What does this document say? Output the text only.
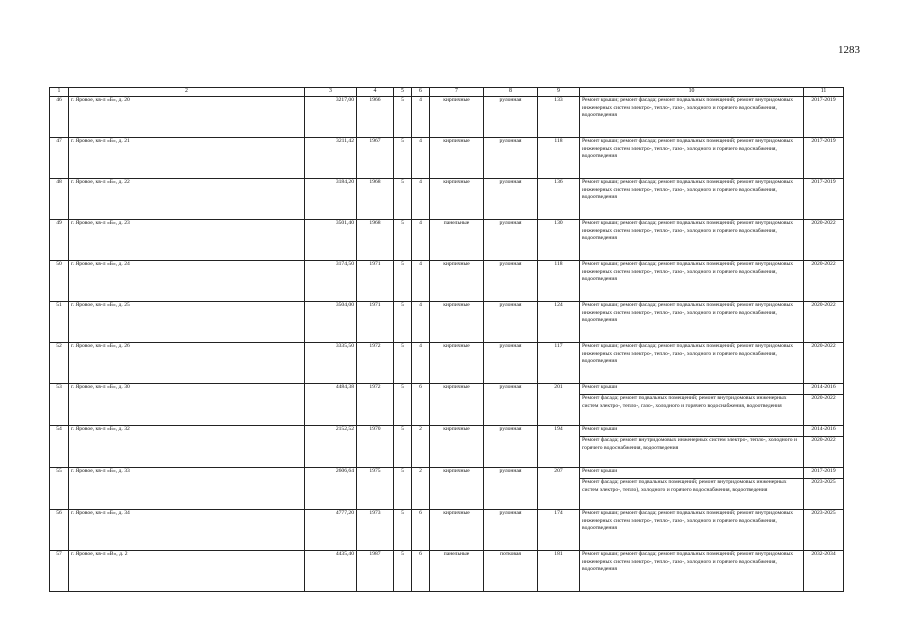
1283
1	2	3	4	5	6	7	8	9	10	11
46	г. Яровое, кв-л «Б», д. 20	3217,00	1966	5	4	кирпичные	рулонная	133	Ремонт крыши; ремонт фасада; ремонт подвальных помещений; ремонт внутридомовых инженерных систем электро-, тепло-, газо-, холодного и горячего водоснабжения, водоотведения	2017-2019
47	г. Яровое, кв-л «Б», д. 21	3211,42	1967	5	4	кирпичные	рулонная	118	Ремонт крыши; ремонт фасада; ремонт подвальных помещений; ремонт внутридомовых инженерных систем электро-, тепло-, газо-, холодного и горячего водоснабжения, водоотведения	2017-2019
48	г. Яровое, кв-л «Б», д. 22	3184,20	1968	5	4	кирпичные	рулонная	136	Ремонт крыши; ремонт фасада; ремонт подвальных помещений; ремонт внутридомовых инженерных систем электро-, тепло-, газо-, холодного и горячего водоснабжения, водоотведения	2017-2019
49	г. Яровое, кв-л «Б», д. 23	3501,40	1968	5	4	панельные	рулонная	130	Ремонт крыши; ремонт фасада; ремонт подвальных помещений; ремонт внутридомовых инженерных систем электро-, тепло-, газо-, холодного и горячего водоснабжения, водоотведения	2020-2022
50	г. Яровое, кв-л «Б», д. 24	3174,50	1971	5	4	кирпичные	рулонная	118	Ремонт крыши; ремонт фасада; ремонт подвальных помещений; ремонт внутридомовых инженерных систем электро-, тепло-, газо-, холодного и горячего водоснабжения, водоотведения	2020-2022
51	г. Яровое, кв-л «Б», д. 25	3504,00	1971	5	4	кирпичные	рулонная	124	Ремонт крыши; ремонт фасада; ремонт подвальных помещений; ремонт внутридомовых инженерных систем электро-, тепло-, газо-, холодного и горячего водоснабжения, водоотведения	2020-2022
52	г. Яровое, кв-л «Б», д. 26	3335,50	1972	5	4	кирпичные	рулонная	117	Ремонт крыши; ремонт фасада; ремонт подвальных помещений; ремонт внутридомовых инженерных систем электро-, тепло-, газо-, холодного и горячего водоснабжения, водоотведения	2020-2022
53	г. Яровое, кв-л «Б», д. 30	4484,38	1972	5	6	кирпичные	рулонная	201	Ремонт крыши	2014-2016
									Ремонт фасада; ремонт подвальных помещений; ремонт внутридомовых инженерных систем электро-, тепло-, газо-, холодного и горячего водоснабжения, водоотведения	2020-2022
54	г. Яровое, кв-л «Б», д. 32	2152,52	1970	5	2	кирпичные	рулонная	194	Ремонт крыши	2014-2016
									Ремонт фасада; ремонт внутридомовых инженерных систем электро-, тепло-, холодного и горячего водоснабжения, водоотведения	2020-2022
55	г. Яровое, кв-л «Б», д. 33	2606,64	1975	5	2	кирпичные	рулонная	207	Ремонт крыши	2017-2019
									Ремонт фасада; ремонт подвальных помещений; ремонт внутридомовых инженерных систем электро-, тепло), холодного и горячего водоснабжения, водоотведения	2023-2025
56	г. Яровое, кв-л «Б», д. 34	4777,20	1973	5	6	кирпичные	рулонная	174	Ремонт крыши; ремонт фасада; ремонт подвальных помещений; ремонт внутридомовых инженерных систем электро-, тепло-, газо-, холодного и горячего водоснабжения, водоотведения	2023-2025
57	г. Яровое, кв-л «В», д. 2	4435,40	1987	5	6	панельные	потковая	181	Ремонт крыши; ремонт фасада; ремонт подвальных помещений; ремонт внутридомовых инженерных систем электро-, тепло-, газо-, холодного и горячего водоснабжения, водоотведения	2032-2034
